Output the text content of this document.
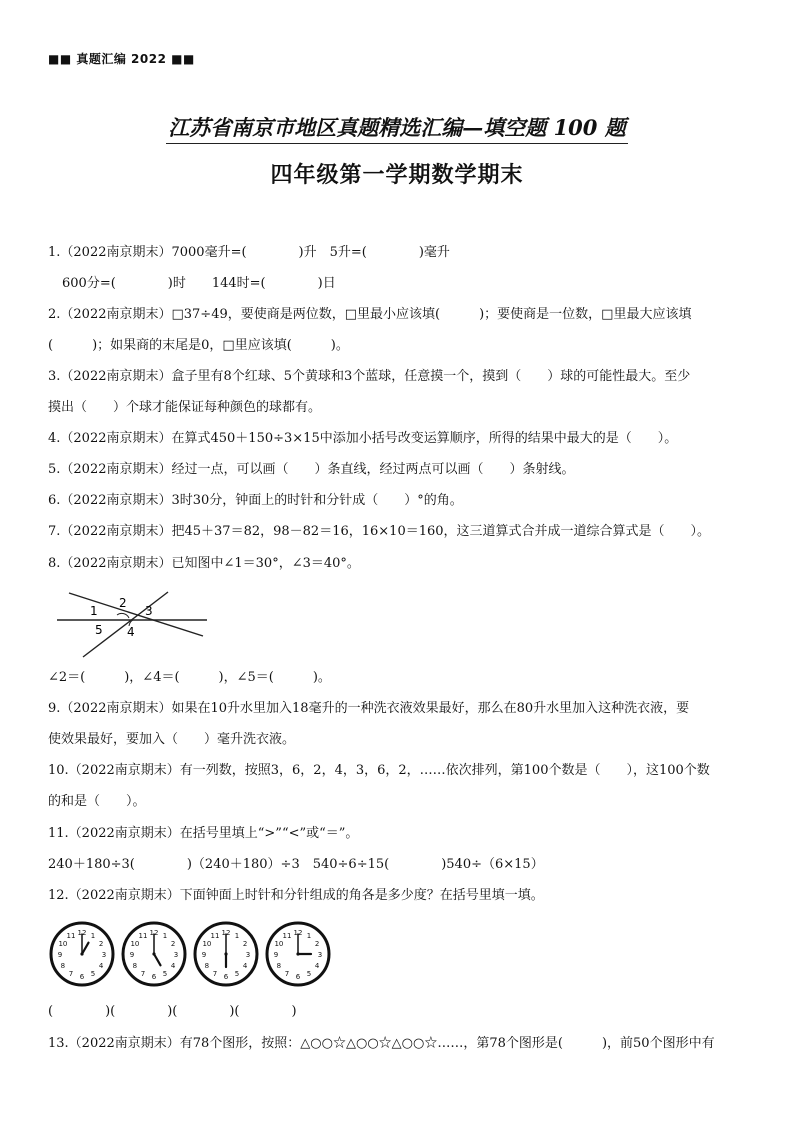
■■ 真题汇编 2022 ■■
江苏省南京市地区真题精选汇编—填空题 100 题
四年级第一学期数学期末
1.（2022南京期末）7000毫升=(　　　　)升　5升=(　　　　)毫升
600分=(　　　　)时　　144时=(　　　　)日
2.（2022南京期末）□37÷49，要使商是两位数，□里最小应该填(　　　)；要使商是一位数，□里最大应该填
(　　　)；如果商的末尾是0，□里应该填(　　　)。
3.（2022南京期末）盒子里有8个红球、5个黄球和3个蓝球，任意摸一个，摸到（　　）球的可能性最大。至少
摸出（　　）个球才能保证每种颜色的球都有。
4.（2022南京期末）在算式450＋150÷3×15中添加小括号改变运算顺序，所得的结果中最大的是（　　）。
5.（2022南京期末）经过一点，可以画（　　）条直线，经过两点可以画（　　）条射线。
6.（2022南京期末）3时30分，钟面上的时针和分针成（　　）°的角。
7.（2022南京期末）把45＋37＝82，98－82＝16，16×10＝160，这三道算式合并成一道综合算式是（　　）。
8.（2022南京期末）已知图中∠1＝30°，∠3＝40°。
1
2
3
4
5
∠2＝(　　　)，∠4＝(　　　)，∠5＝(　　　)。
9.（2022南京期末）如果在10升水里加入18毫升的一种洗衣液效果最好，那么在80升水里加入这种洗衣液，要
使效果最好，要加入（　　）毫升洗衣液。
10.（2022南京期末）有一列数，按照3，6，2，4，3，6，2，……依次排列，第100个数是（　　），这100个数
的和是（　　）。
11.（2022南京期末）在括号里填上“>”“<”或“＝”。
240＋180÷3(　　　　)（240＋180）÷3　540÷6÷15(　　　　)540÷（6×15）
12.（2022南京期末）下面钟面上时针和分针组成的角各是多少度？在括号里填一填。
12 1
2
3
4
5
6
7
8
9
10
11	12 1
2
3
4
5
6
7
8
9
10
11	12 1
2
3
4
5
6
7
8
9
10
11	12 1
2
3
4
5
6
7
8
9
10
11
(　　　　)(　　　　)(　　　　)(　　　　)
13.（2022南京期末）有78个图形，按照：△○○☆△○○☆△○○☆……，第78个图形是(　　　)，前50个图形中有
